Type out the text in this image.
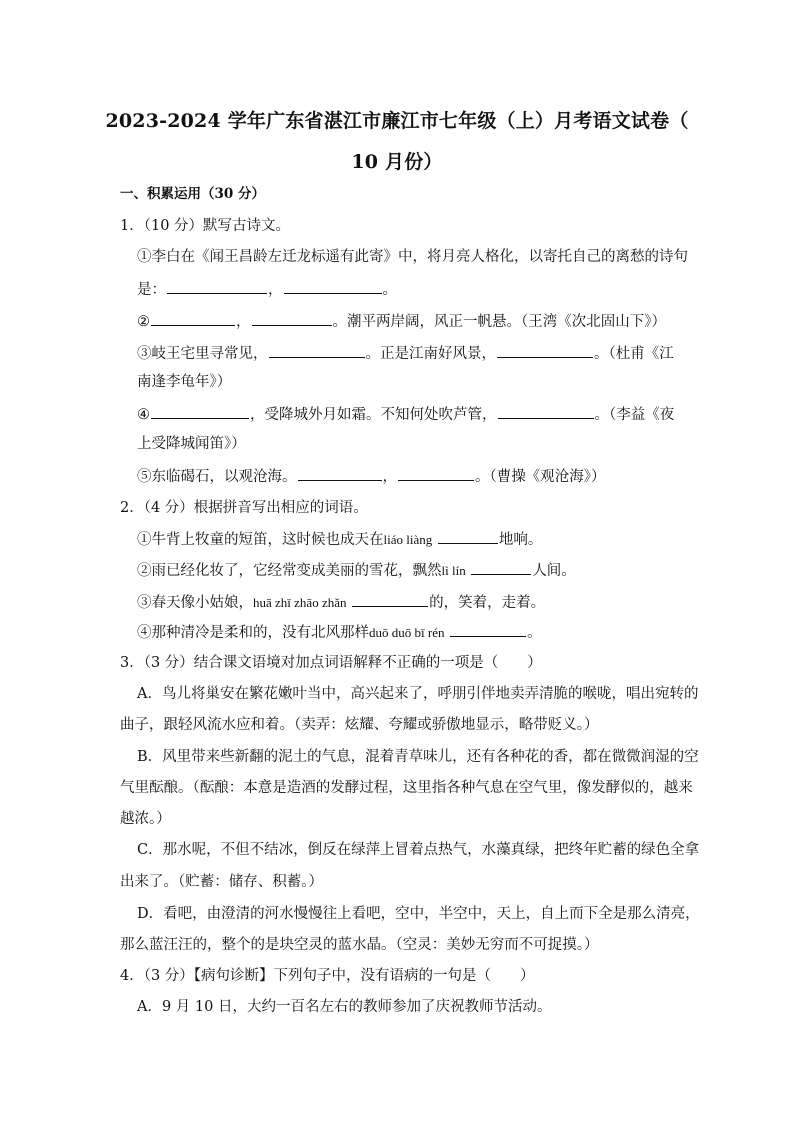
2023-2024 学年广东省湛江市廉江市七年级（上）月考语文试卷（
10 月份）
一、积累运用（30 分）
1．（10 分）默写古诗文。
①李白在《闻王昌龄左迁龙标遥有此寄》中，将月亮人格化，以寄托自己的离愁的诗句
是：	，	。
②	，	。潮平两岸阔，风正一帆悬。（王湾《次北固山下》）
③岐王宅里寻常见，	。正是江南好风景，	。（杜甫《江
南逢李龟年》）
④	，受降城外月如霜。不知何处吹芦管，	。（李益《夜
上受降城闻笛》）
⑤东临碣石，以观沧海。	，	。（曹操《观沧海》）
2．（4 分）根据拼音写出相应的词语。
①牛背上牧童的短笛，这时候也成天在liáo liàng	地响。
②雨已经化妆了，它经常变成美丽的雪花，飘然lì lín	人间。
③春天像小姑娘，huā zhī zhāo zhǎn	的，笑着，走着。
④那种清冷是柔和的，没有北风那样duō duō bī rén	。
3．（3 分）结合课文语境对加点词语解释不正确的一项是（　　）
A．鸟儿将巢安在繁花嫩叶当中，高兴起来了，呼朋引伴地卖弄清脆的喉咙，唱出宛转的
曲子，跟轻风流水应和着。（卖弄：炫耀、夸耀或骄傲地显示，略带贬义。）
B．风里带来些新翻的泥土的气息，混着青草味儿，还有各种花的香，都在微微润湿的空
气里酝酿。（酝酿：本意是造酒的发酵过程，这里指各种气息在空气里，像发酵似的，越来
越浓。）
C．那水呢，不但不结冰，倒反在绿萍上冒着点热气，水藻真绿，把终年贮蓄的绿色全拿
出来了。（贮蓄：储存、积蓄。）
D．看吧，由澄清的河水慢慢往上看吧，空中，半空中，天上，自上而下全是那么清亮，
那么蓝汪汪的，整个的是块空灵的蓝水晶。（空灵：美妙无穷而不可捉摸。）
4．（3 分）【病句诊断】下列句子中，没有语病的一句是（　　）
A．9 月 10 日，大约一百名左右的教师参加了庆祝教师节活动。
